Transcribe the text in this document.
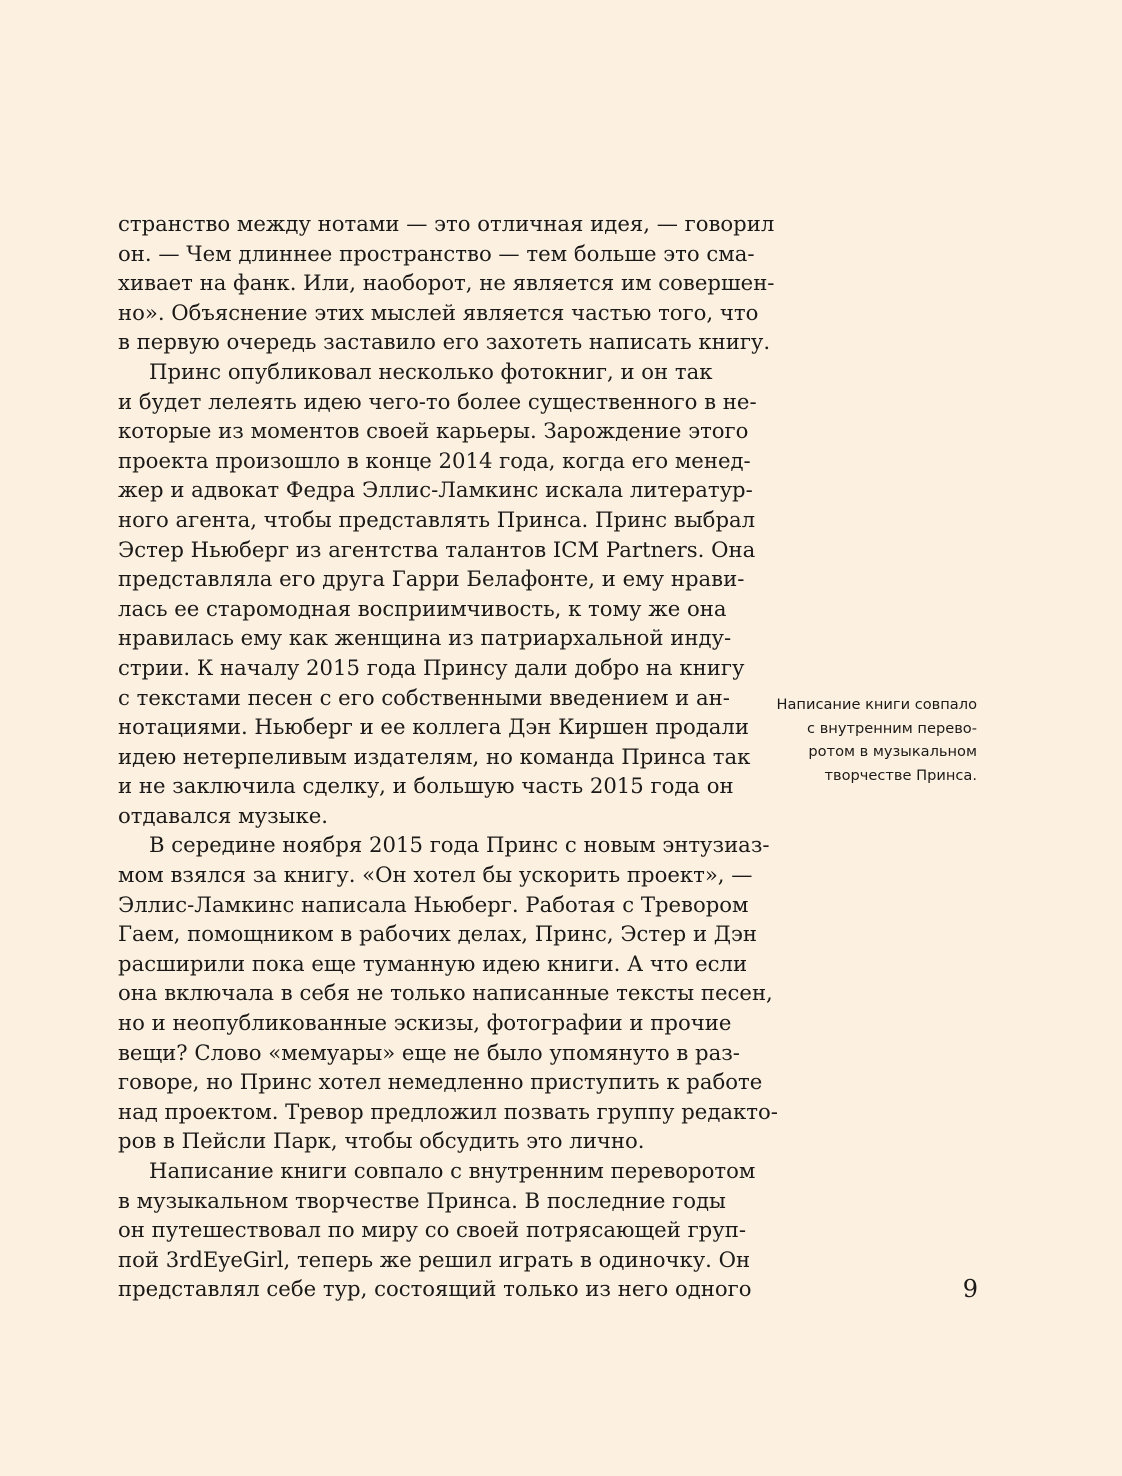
странство между нотами — это отличная идея, — говорил
он. — Чем длиннее пространство — тем больше это сма-
хивает на фанк. Или, наоборот, не является им совершен-
но». Объяснение этих мыслей является частью того, что
в первую очередь заставило его захотеть написать книгу.
Принс опубликовал несколько фотокниг, и он так
и будет лелеять идею чего-то более существенного в не-
которые из моментов своей карьеры. Зарождение этого
проекта произошло в конце 2014 года, когда его менед-
жер и адвокат Федра Эллис-Ламкинс искала литератур-
ного агента, чтобы представлять Принса. Принс выбрал
Эстер Ньюберг из агентства талантов ICM Partners. Она
представляла его друга Гарри Белафонте, и ему нрави-
лась ее старомодная восприимчивость, к тому же она
нравилась ему как женщина из патриархальной инду-
стрии. К началу 2015 года Принсу дали добро на книгу
с текстами песен с его собственными введением и ан-
нотациями. Ньюберг и ее коллега Дэн Киршен продали
идею нетерпеливым издателям, но команда Принса так
и не заключила сделку, и большую часть 2015 года он
отдавался музыке.
В середине ноября 2015 года Принс с новым энтузиаз-
мом взялся за книгу. «Он хотел бы ускорить проект», —
Эллис-Ламкинс написала Ньюберг. Работая с Тревором
Гаем, помощником в рабочих делах, Принс, Эстер и Дэн
расширили пока еще туманную идею книги. А что если
она включала в себя не только написанные тексты песен,
но и неопубликованные эскизы, фотографии и прочие
вещи? Слово «мемуары» еще не было упомянуто в раз-
говоре, но Принс хотел немедленно приступить к работе
над проектом. Тревор предложил позвать группу редакто-
ров в Пейсли Парк, чтобы обсудить это лично.
Написание книги совпало с внутренним переворотом
в музыкальном творчестве Принса. В последние годы
он путешествовал по миру со своей потрясающей груп-
пой 3rdEyeGirl, теперь же решил играть в одиночку. Он
представлял себе тур, состоящий только из него одного
Написание книги совпало
с внутренним перево-
ротом в музыкальном
творчестве Принса.
9
